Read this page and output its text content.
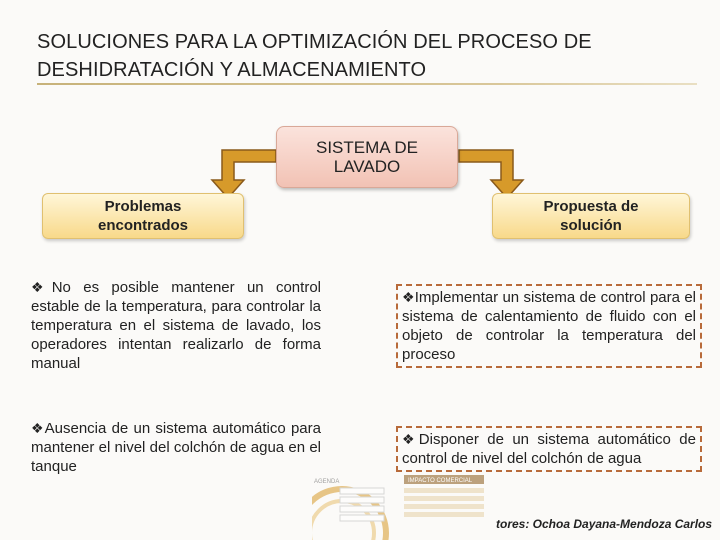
SOLUCIONES PARA LA OPTIMIZACIÓN DEL PROCESO DE
DESHIDRATACIÓN Y ALMACENAMIENTO
SISTEMA DE
LAVADO
Problemas
encontrados
Propuesta de
solución
❖No es posible mantener un control estable de la temperatura, para controlar la temperatura en el sistema de lavado, los operadores intentan realizarlo de forma manual
❖Ausencia de un sistema automático para mantener el nivel del colchón de agua en el tanque
❖Implementar un sistema de control para el sistema de calentamiento de fluido con el objeto de controlar la temperatura del proceso
AGENDA	IMPACTO COMERCIAL
❖Disponer de un sistema automático de control de nivel del colchón de agua
tores: Ochoa Dayana-Mendoza Carlos
